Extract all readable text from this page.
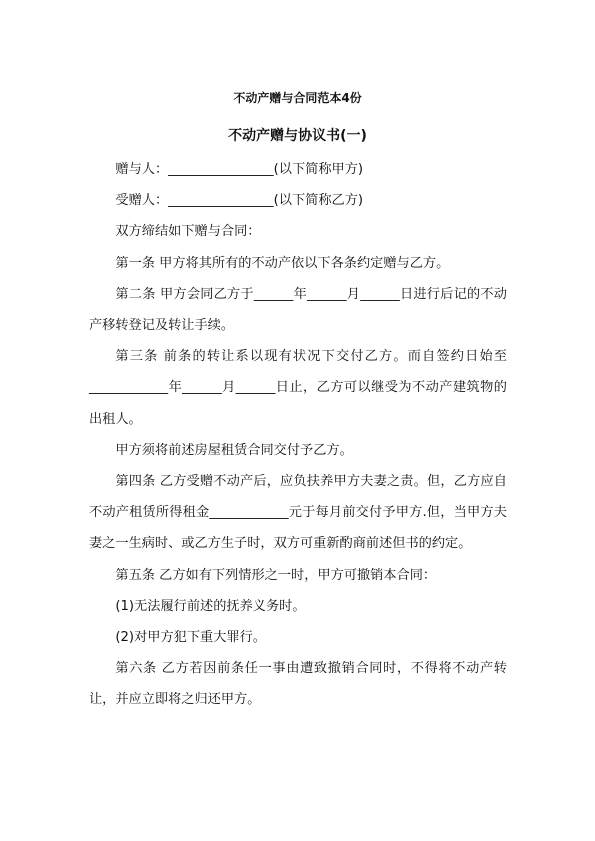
不动产赠与合同范本4份
不动产赠与协议书(一)

赠与人：________________(以下简称甲方)

受赠人：________________(以下简称乙方)

双方缔结如下赠与合同：

第一条 甲方将其所有的不动产依以下各条约定赠与乙方。

第二条 甲方会同乙方于______年______月______日进行后记的不动产移转登记及转让手续。

第三条 前条的转让系以现有状况下交付乙方。而自签约日始至____________年______月______日止，乙方可以继受为不动产建筑物的出租人。

甲方须将前述房屋租赁合同交付予乙方。

第四条 乙方受赠不动产后，应负扶养甲方夫妻之责。但，乙方应自不动产租赁所得租金____________元于每月前交付予甲方.但，当甲方夫妻之一生病时、或乙方生子时，双方可重新酌商前述但书的约定。

第五条 乙方如有下列情形之一时，甲方可撤销本合同：

(1)无法履行前述的抚养义务时。

(2)对甲方犯下重大罪行。

第六条 乙方若因前条任一事由遭致撤销合同时，不得将不动产转让，并应立即将之归还甲方。
